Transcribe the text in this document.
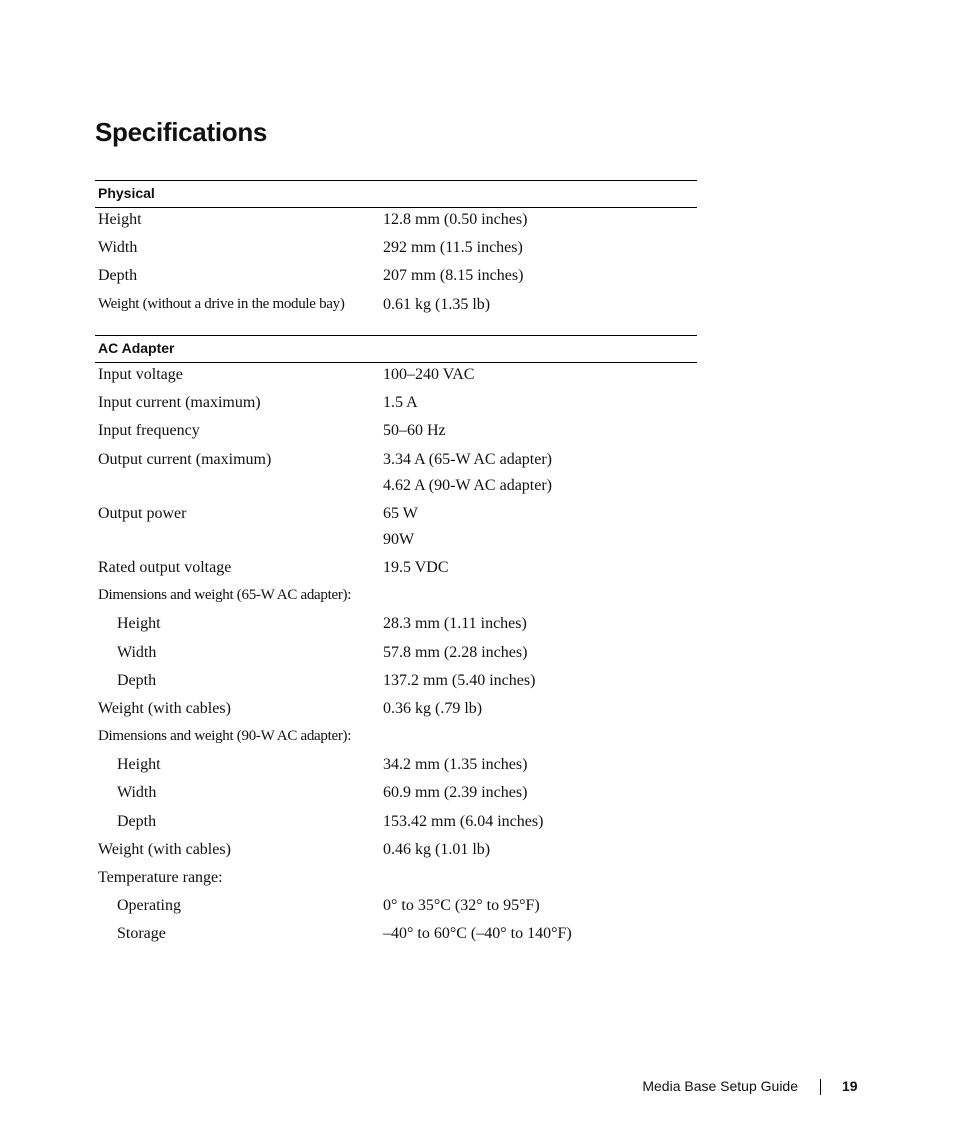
Specifications
Physical
Height	12.8 mm (0.50 inches)
Width	292 mm (11.5 inches)
Depth	207 mm (8.15 inches)
Weight (without a drive in the module bay) 0.61 kg (1.35 lb)
AC Adapter
Input voltage	100–240 VAC
Input current (maximum)	1.5 A
Input frequency	50–60 Hz
Output current (maximum)	3.34 A (65-W AC adapter)
4.62 A (90-W AC adapter)
Output power	65 W
90W
Rated output voltage	19.5 VDC
Dimensions and weight (65-W AC adapter):
Height	28.3 mm (1.11 inches)
Width	57.8 mm (2.28 inches)
Depth	137.2 mm (5.40 inches)
Weight (with cables)	0.36 kg (.79 lb)
Dimensions and weight (90-W AC adapter):
Height	34.2 mm (1.35 inches)
Width	60.9 mm (2.39 inches)
Depth	153.42 mm (6.04 inches)
Weight (with cables)	0.46 kg (1.01 lb)
Temperature range:
Operating	0° to 35°C (32° to 95°F)
Storage	–40° to 60°C (–40° to 140°F)
Media Base Setup Guide	19
